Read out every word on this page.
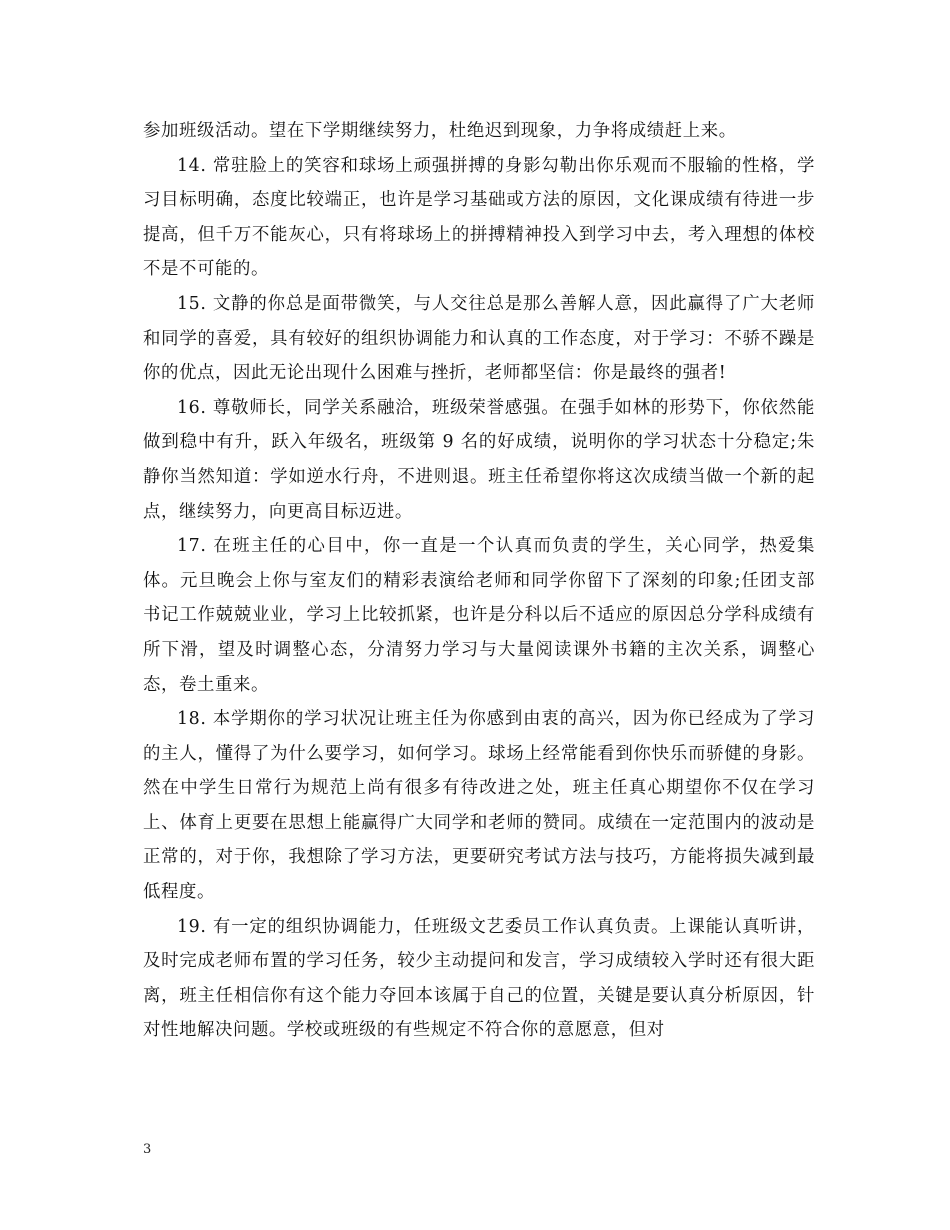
参加班级活动。望在下学期继续努力，杜绝迟到现象，力争将成绩赶上来。

14. 常驻脸上的笑容和球场上顽强拼搏的身影勾勒出你乐观而不服输的性格，学习目标明确，态度比较端正，也许是学习基础或方法的原因，文化课成绩有待进一步提高，但千万不能灰心，只有将球场上的拼搏精神投入到学习中去，考入理想的体校不是不可能的。

15. 文静的你总是面带微笑，与人交往总是那么善解人意，因此赢得了广大老师和同学的喜爱，具有较好的组织协调能力和认真的工作态度，对于学习：不骄不躁是你的优点，因此无论出现什么困难与挫折，老师都坚信：你是最终的强者!

16. 尊敬师长，同学关系融洽，班级荣誉感强。在强手如林的形势下，你依然能做到稳中有升，跃入年级名，班级第 9 名的好成绩，说明你的学习状态十分稳定;朱静你当然知道：学如逆水行舟，不进则退。班主任希望你将这次成绩当做一个新的起点，继续努力，向更高目标迈进。

17. 在班主任的心目中，你一直是一个认真而负责的学生，关心同学，热爱集体。元旦晚会上你与室友们的精彩表演给老师和同学你留下了深刻的印象;任团支部书记工作兢兢业业，学习上比较抓紧，也许是分科以后不适应的原因总分学科成绩有所下滑，望及时调整心态，分清努力学习与大量阅读课外书籍的主次关系，调整心态，卷土重来。

18. 本学期你的学习状况让班主任为你感到由衷的高兴，因为你已经成为了学习的主人，懂得了为什么要学习，如何学习。球场上经常能看到你快乐而骄健的身影。然在中学生日常行为规范上尚有很多有待改进之处，班主任真心期望你不仅在学习上、体育上更要在思想上能赢得广大同学和老师的赞同。成绩在一定范围内的波动是正常的，对于你，我想除了学习方法，更要研究考试方法与技巧，方能将损失减到最低程度。

19. 有一定的组织协调能力，任班级文艺委员工作认真负责。上课能认真听讲，及时完成老师布置的学习任务，较少主动提问和发言，学习成绩较入学时还有很大距离，班主任相信你有这个能力夺回本该属于自己的位置，关键是要认真分析原因，针对性地解决问题。学校或班级的有些规定不符合你的意愿意，但对

3
